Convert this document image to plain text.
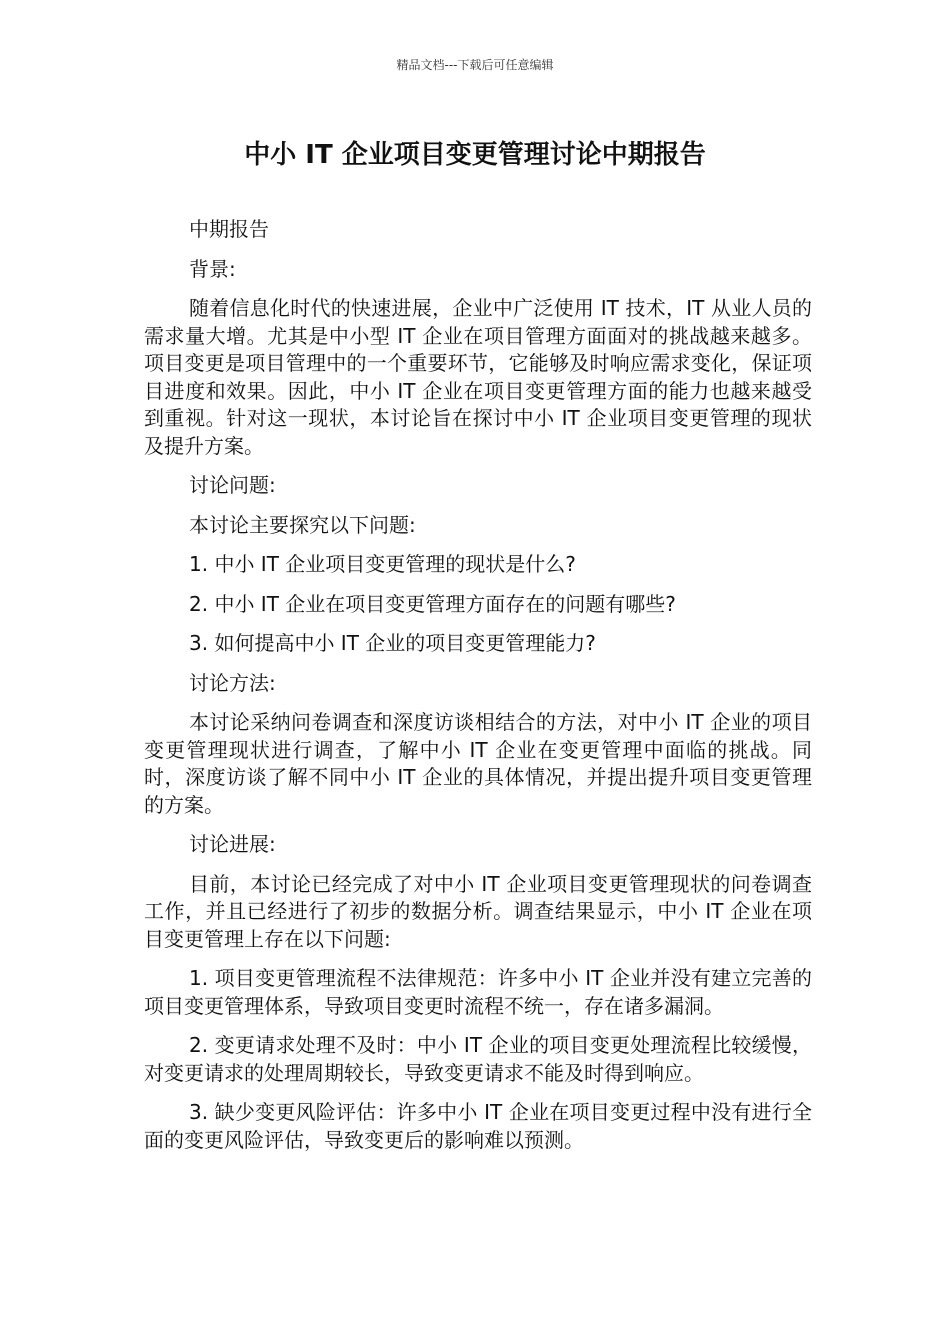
精品文档---下载后可任意编辑
中小 IT 企业项目变更管理讨论中期报告

中期报告

背景:

随着信息化时代的快速进展，企业中广泛使用 IT 技术，IT 从业人员的需求量大增。尤其是中小型 IT 企业在项目管理方面面对的挑战越来越多。项目变更是项目管理中的一个重要环节，它能够及时响应需求变化，保证项目进度和效果。因此，中小 IT 企业在项目变更管理方面的能力也越来越受到重视。针对这一现状，本讨论旨在探讨中小 IT 企业项目变更管理的现状及提升方案。

讨论问题:

本讨论主要探究以下问题:

1. 中小 IT 企业项目变更管理的现状是什么?

2. 中小 IT 企业在项目变更管理方面存在的问题有哪些?

3. 如何提高中小 IT 企业的项目变更管理能力?

讨论方法:

本讨论采纳问卷调查和深度访谈相结合的方法，对中小 IT 企业的项目变更管理现状进行调查，了解中小 IT 企业在变更管理中面临的挑战。同时，深度访谈了解不同中小 IT 企业的具体情况，并提出提升项目变更管理的方案。

讨论进展:

目前，本讨论已经完成了对中小 IT 企业项目变更管理现状的问卷调查工作，并且已经进行了初步的数据分析。调查结果显示，中小 IT 企业在项目变更管理上存在以下问题:

1. 项目变更管理流程不法律规范：许多中小 IT 企业并没有建立完善的项目变更管理体系，导致项目变更时流程不统一，存在诸多漏洞。

2. 变更请求处理不及时：中小 IT 企业的项目变更处理流程比较缓慢，对变更请求的处理周期较长，导致变更请求不能及时得到响应。

3. 缺少变更风险评估：许多中小 IT 企业在项目变更过程中没有进行全面的变更风险评估，导致变更后的影响难以预测。
